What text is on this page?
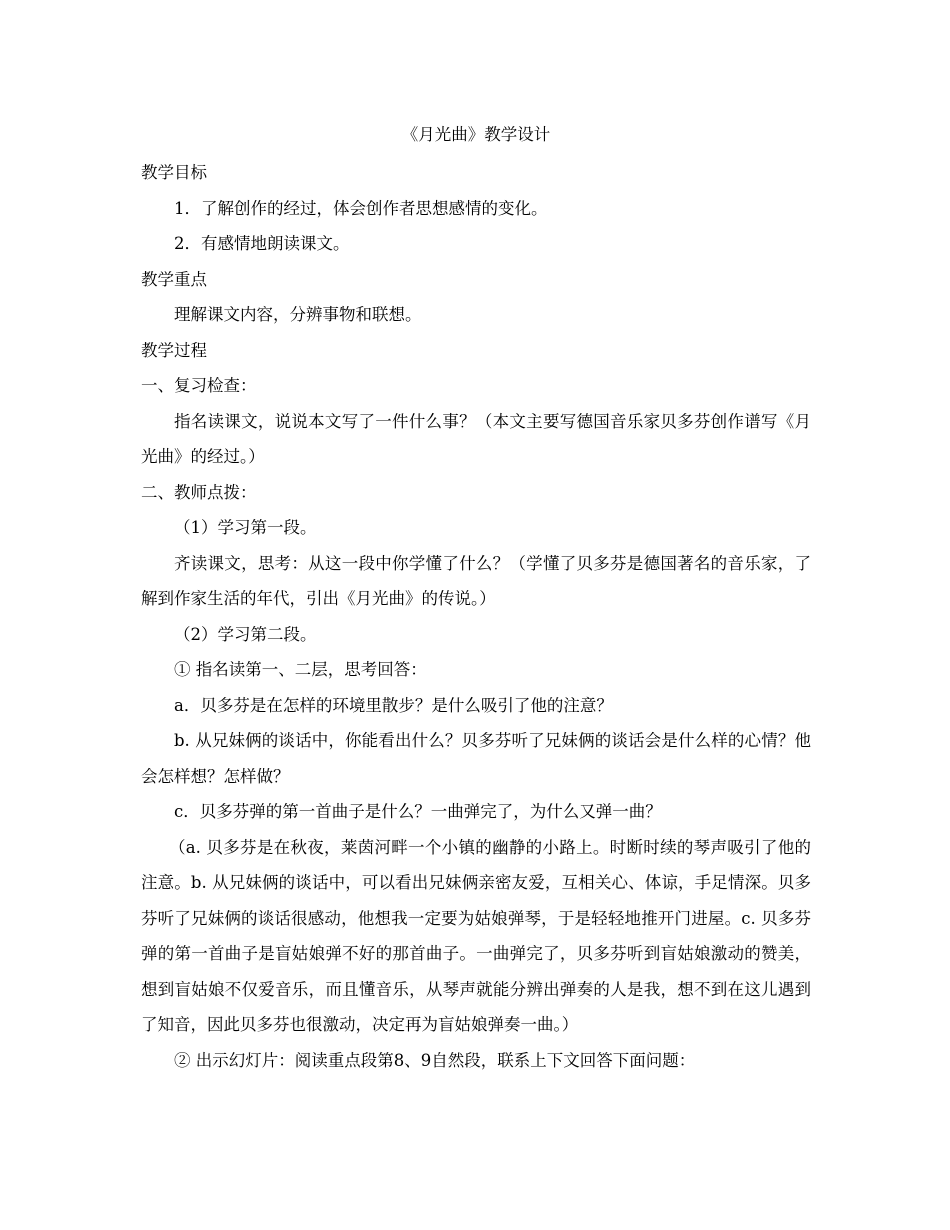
《月光曲》教学设计

教学目标

1．了解创作的经过，体会创作者思想感情的变化。

2．有感情地朗读课文。

教学重点

理解课文内容，分辨事物和联想。

教学过程

一、复习检查：

指名读课文，说说本文写了一件什么事？（本文主要写德国音乐家贝多芬创作谱写《月光曲》的经过。）

二、教师点拨：

（1）学习第一段。

齐读课文，思考：从这一段中你学懂了什么？（学懂了贝多芬是德国著名的音乐家，了解到作家生活的年代，引出《月光曲》的传说。）

（2）学习第二段。

① 指名读第一、二层，思考回答：

a．贝多芬是在怎样的环境里散步？是什么吸引了他的注意？

b. 从兄妹俩的谈话中，你能看出什么？贝多芬听了兄妹俩的谈话会是什么样的心情？他会怎样想？怎样做？

c．贝多芬弹的第一首曲子是什么？一曲弹完了，为什么又弹一曲？

（a. 贝多芬是在秋夜，莱茵河畔一个小镇的幽静的小路上。时断时续的琴声吸引了他的注意。b. 从兄妹俩的谈话中，可以看出兄妹俩亲密友爱，互相关心、体谅，手足情深。贝多芬听了兄妹俩的谈话很感动，他想我一定要为姑娘弹琴，于是轻轻地推开门进屋。c. 贝多芬弹的第一首曲子是盲姑娘弹不好的那首曲子。一曲弹完了，贝多芬听到盲姑娘激动的赞美，想到盲姑娘不仅爱音乐，而且懂音乐，从琴声就能分辨出弹奏的人是我，想不到在这儿遇到了知音，因此贝多芬也很激动，决定再为盲姑娘弹奏一曲。）

② 出示幻灯片：阅读重点段第8、9自然段，联系上下文回答下面问题：
